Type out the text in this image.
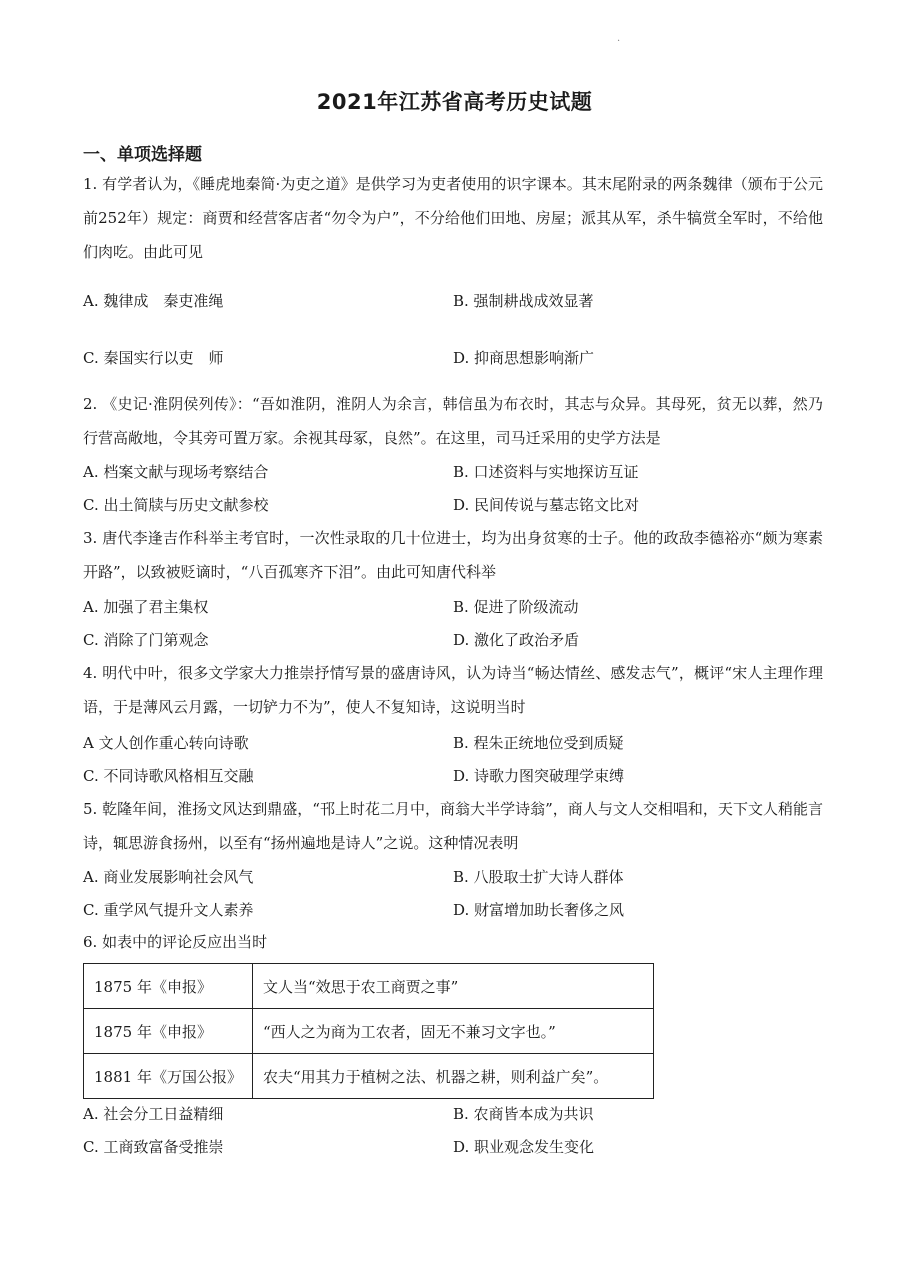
·
2021年江苏省高考历史试题
一、单项选择题
1. 有学者认为，《睡虎地秦简·为吏之道》是供学习为吏者使用的识字课本。其末尾附录的两条魏律（颁布于公元前252年）规定：商贾和经营客店者“勿令为户”，不分给他们田地、房屋；派其从军，杀牛犒赏全军时，不给他们肉吃。由此可见
A. 魏律成　秦吏准绳	B. 强制耕战成效显著
C. 秦国实行以吏　师	D. 抑商思想影响渐广
2. 《史记·淮阴侯列传》：“吾如淮阴，淮阴人为余言，韩信虽为布衣时，其志与众异。其母死，贫无以葬，然乃行营高敞地，令其旁可置万家。余视其母冢，良然”。在这里，司马迁采用的史学方法是
A. 档案文献与现场考察结合	B. 口述资料与实地探访互证
C. 出土简牍与历史文献参校	D. 民间传说与墓志铭文比对
3. 唐代李逢吉作科举主考官时，一次性录取的几十位进士，均为出身贫寒的士子。他的政敌李德裕亦“颇为寒素开路”，以致被贬谪时，“八百孤寒齐下泪”。由此可知唐代科举
A. 加强了君主集权	B. 促进了阶级流动
C. 消除了门第观念	D. 激化了政治矛盾
4. 明代中叶，很多文学家大力推崇抒情写景的盛唐诗风，认为诗当“畅达情丝、感发志气”，概评“宋人主理作理语，于是薄风云月露，一切铲力不为”，使人不复知诗，这说明当时
A 文人创作重心转向诗歌	B. 程朱正统地位受到质疑
C. 不同诗歌风格相互交融	D. 诗歌力图突破理学束缚
5. 乾隆年间，淮扬文风达到鼎盛，“邗上时花二月中，商翁大半学诗翁”，商人与文人交相唱和，天下文人稍能言诗，辄思游食扬州，以至有“扬州遍地是诗人”之说。这种情况表明
A. 商业发展影响社会风气	B. 八股取士扩大诗人群体
C. 重学风气提升文人素养	D. 财富增加助长奢侈之风
6. 如表中的评论反应出当时
1875 年《申报》	文人当“效思于农工商贾之事”
1875 年《申报》	“西人之为商为工农者，固无不兼习文字也。”
1881 年《万国公报》	农夫“用其力于植树之法、机器之耕，则利益广矣”。
A. 社会分工日益精细	B. 农商皆本成为共识
C. 工商致富备受推崇	D. 职业观念发生变化
